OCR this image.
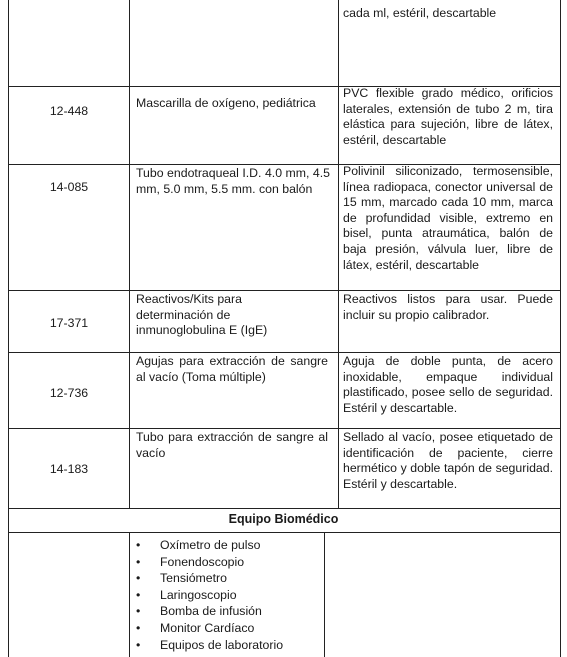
cada ml, estéril, descartable
12-448
Mascarilla de oxígeno, pediátrica
PVC flexible grado médico, orificios laterales, extensión de tubo 2 m, tira elástica para sujeción, libre de látex, estéril, descartable
14-085
Tubo endotraqueal I.D. 4.0 mm, 4.5 mm, 5.0 mm, 5.5 mm. con balón
Polivinil siliconizado, termosensible, línea radiopaca, conector universal de 15 mm, marcado cada 10 mm, marca de profundidad visible, extremo en bisel, punta atraumática, balón de baja presión, válvula luer, libre de látex, estéril, descartable
17-371
Reactivos/Kits para determinación de inmunoglobulina E (IgE)
Reactivos listos para usar. Puede incluir su propio calibrador.
12-736
Agujas para extracción de sangre al vacío (Toma múltiple)
Aguja de doble punta, de acero inoxidable, empaque individual plastificado, posee sello de seguridad. Estéril y descartable.
14-183
Tubo para extracción de sangre al vacío
Sellado al vacío, posee etiquetado de identificación de paciente, cierre hermético y doble tapón de seguridad. Estéril y descartable.
Equipo Biomédico
• Oxímetro de pulso
• Fonendoscopio
• Tensiómetro
• Laringoscopio
• Bomba de infusión
• Monitor Cardíaco
• Equipos de laboratorio
